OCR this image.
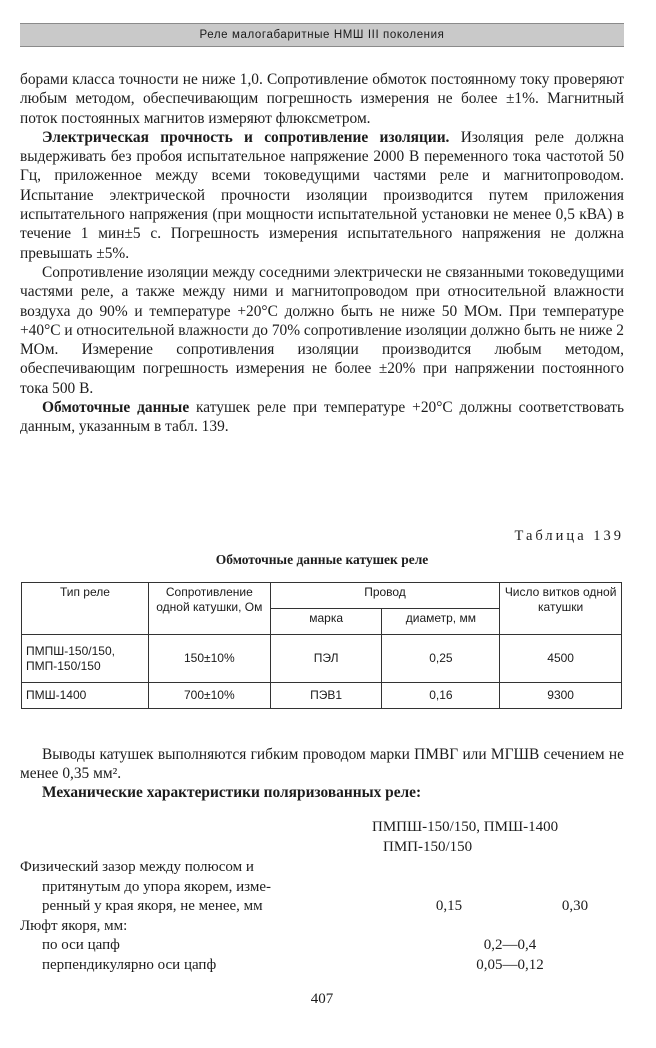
Реле малогабаритные НМШ III поколения

борами класса точности не ниже 1,0. Сопротивление обмоток постоянному току проверяют любым методом, обеспечивающим погрешность измерения не более ±1%. Магнитный поток постоянных магнитов измеряют флюксметром.

Электрическая прочность и сопротивление изоляции. Изоляция реле должна выдерживать без пробоя испытательное напряжение 2000 В переменного тока частотой 50 Гц, приложенное между всеми токоведущими частями реле и магнитопроводом. Испытание электрической прочности изоляции производится путем приложения испытательного напряжения (при мощности испытательной установки не менее 0,5 кВА) в течение 1 мин±5 с. Погрешность измерения испытательного напряжения не должна превышать ±5%.

Сопротивление изоляции между соседними электрически не связанными токоведущими частями реле, а также между ними и магнитопроводом при относительной влажности воздуха до 90% и температуре +20°С должно быть не ниже 50 МОм. При температуре +40°С и относительной влажности до 70% сопротивление изоляции должно быть не ниже 2 МОм. Измерение сопротивления изоляции производится любым методом, обеспечивающим погрешность измерения не более ±20% при напряжении постоянного тока 500 В.

Обмоточные данные катушек реле при температуре +20°С должны соответствовать данным, указанным в табл. 139.

Таблица 139
Обмоточные данные катушек реле
Тип реле	Сопротивление одной катушки, Ом	Провод		Число витков одной катушки
		марка	диаметр, мм	
ПМПШ-150/150, ПМП-150/150	150±10%	ПЭЛ	0,25	4500
ПМШ-1400	700±10%	ПЭВ1	0,16	9300

Выводы катушек выполняются гибким проводом марки ПМВГ или МГШВ сечением не менее 0,35 мм².

Механические характеристики поляризованных реле:

ПМПШ-150/150, ПМШ-1400
ПМП-150/150
Физический зазор между полюсом и
притянутым до упора якорем, изме-
ренный у края якоря, не менее, мм	0,15	0,30
Люфт якоря, мм:
по оси цапф	0,2—0,4
перпендикулярно оси цапф	0,05—0,12
407
